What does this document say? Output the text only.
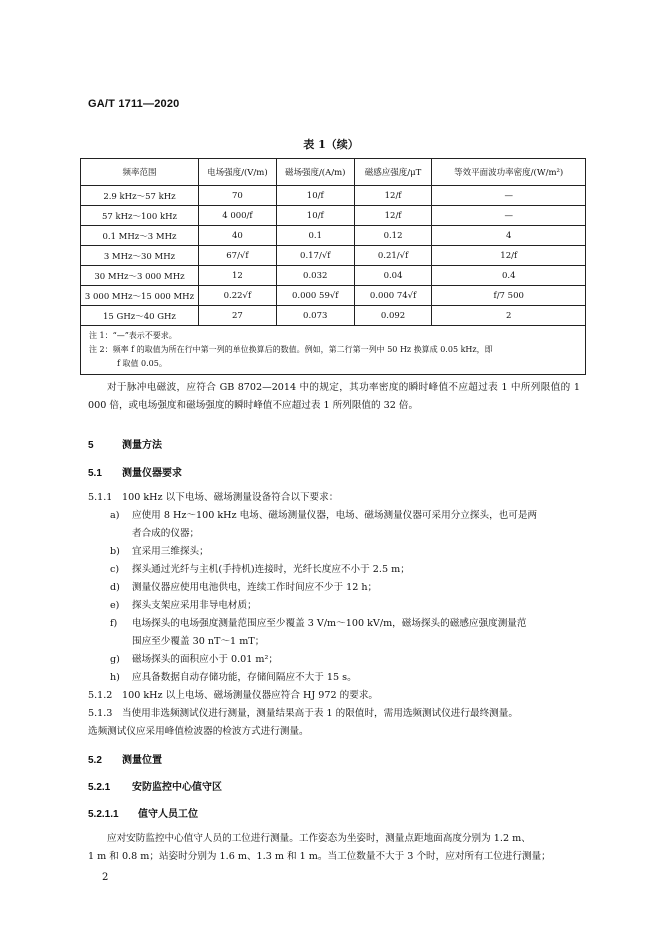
GA/T 1711—2020
表 1（续）
频率范围	电场强度/(V/m)	磁场强度/(A/m)	磁感应强度/μT	等效平面波功率密度/(W/m²)
2.9 kHz～57 kHz	70	10/f	12/f	—
57 kHz～100 kHz	4 000/f	10/f	12/f	—
0.1 MHz～3 MHz	40	0.1	0.12	4
3 MHz～30 MHz	67/√f	0.17/√f	0.21/√f	12/f
30 MHz～3 000 MHz	12	0.032	0.04	0.4
3 000 MHz～15 000 MHz	0.22√f	0.000 59√f	0.000 74√f	f/7 500
15 GHz～40 GHz	27	0.073	0.092	2

注 1：“—”表示不要求。
注 2：频率 f 的取值为所在行中第一列的单位换算后的数值。例如，第二行第一列中 50 Hz 换算成 0.05 kHz，即
f 取值 0.05。				
对于脉冲电磁波，应符合 GB 8702—2014 中的规定，其功率密度的瞬时峰值不应超过表 1 中所列限值的 1 000 倍，或电场强度和磁场强度的瞬时峰值不应超过表 1 所列限值的 32 倍。
5	测量方法
5.1 测量仪器要求
5.1.1 100 kHz 以下电场、磁场测量设备符合以下要求：
a) 应使用 8 Hz～100 kHz 电场、磁场测量仪器，电场、磁场测量仪器可采用分立探头，也可是两
者合成的仪器；
b) 宜采用三维探头；
c) 探头通过光纤与主机(手持机)连接时，光纤长度应不小于 2.5 m；
d) 测量仪器应使用电池供电，连续工作时间应不少于 12 h；
e) 探头支架应采用非导电材质；
f) 电场探头的电场强度测量范围应至少覆盖 3 V/m～100 kV/m，磁场探头的磁感应强度测量范
围应至少覆盖 30 nT～1 mT；
g) 磁场探头的面积应小于 0.01 m²；
h) 应具备数据自动存储功能，存储间隔应不大于 15 s。
5.1.2 100 kHz 以上电场、磁场测量仪器应符合 HJ 972 的要求。
5.1.3 当使用非选频测试仪进行测量，测量结果高于表 1 的限值时，需用选频测试仪进行最终测量。
选频测试仪应采用峰值检波器的检波方式进行测量。
5.2 测量位置
5.2.1 安防监控中心值守区
5.2.1.1 值守人员工位
应对安防监控中心值守人员的工位进行测量。工作姿态为坐姿时，测量点距地面高度分别为 1.2 m、
1 m 和 0.8 m；站姿时分别为 1.6 m、1.3 m 和 1 m。当工位数量不大于 3 个时，应对所有工位进行测量；
2
